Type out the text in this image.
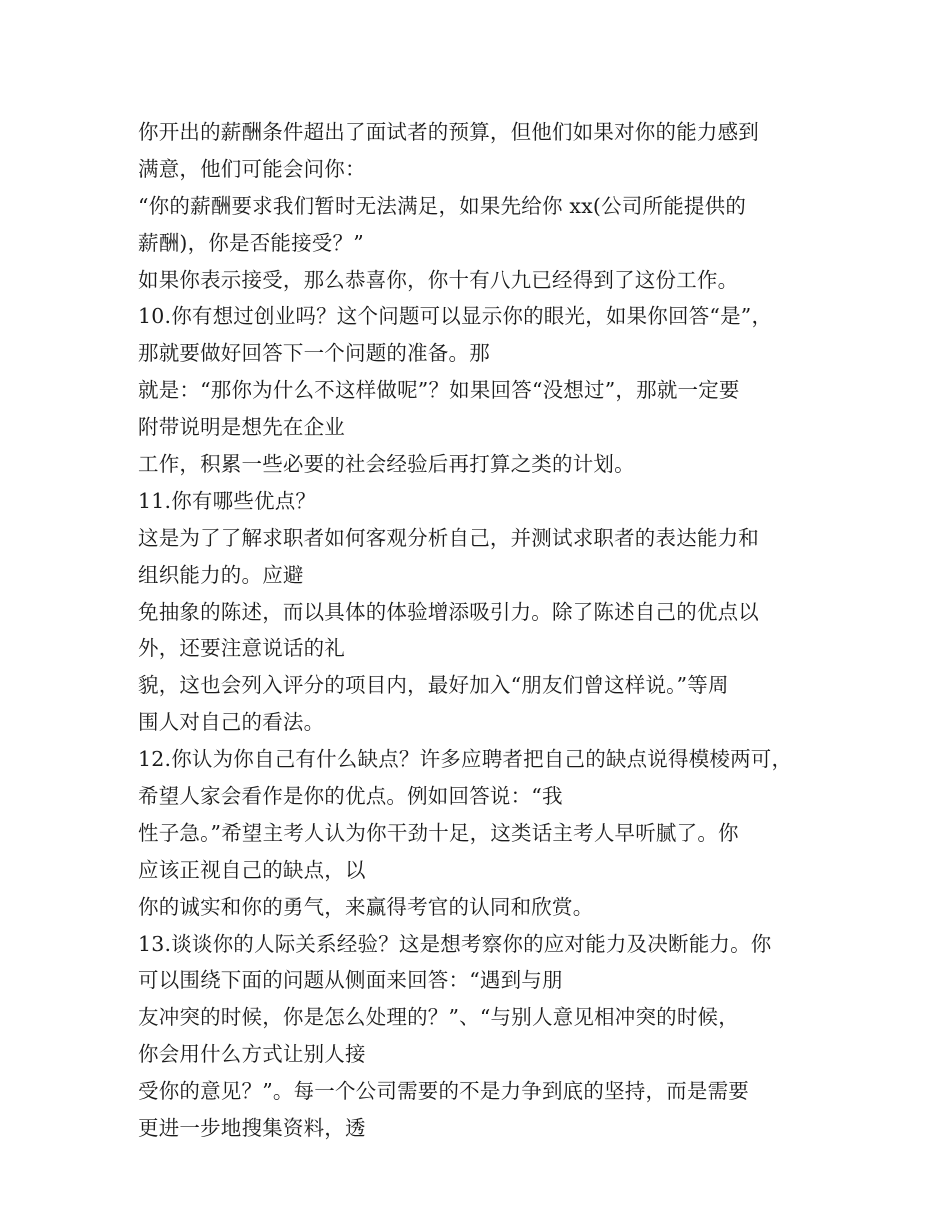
你开出的薪酬条件超出了面试者的预算，但他们如果对你的能力感到

满意，他们可能会问你：

“你的薪酬要求我们暂时无法满足，如果先给你 xx(公司所能提供的

薪酬)，你是否能接受？”

如果你表示接受，那么恭喜你，你十有八九已经得到了这份工作。

10.你有想过创业吗？这个问题可以显示你的眼光，如果你回答“是”，

那就要做好回答下一个问题的准备。那

就是：“那你为什么不这样做呢”？如果回答“没想过”，那就一定要

附带说明是想先在企业

工作，积累一些必要的社会经验后再打算之类的计划。

11.你有哪些优点？

这是为了了解求职者如何客观分析自己，并测试求职者的表达能力和

组织能力的。应避

免抽象的陈述，而以具体的体验增添吸引力。除了陈述自己的优点以

外，还要注意说话的礼

貌，这也会列入评分的项目内，最好加入“朋友们曾这样说。”等周

围人对自己的看法。

12.你认为你自己有什么缺点？许多应聘者把自己的缺点说得模棱两可，

希望人家会看作是你的优点。例如回答说：“我

性子急。”希望主考人认为你干劲十足，这类话主考人早听腻了。你

应该正视自己的缺点，以

你的诚实和你的勇气，来赢得考官的认同和欣赏。

13.谈谈你的人际关系经验？这是想考察你的应对能力及决断能力。你

可以围绕下面的问题从侧面来回答：“遇到与朋

友冲突的时候，你是怎么处理的？”、“与别人意见相冲突的时候，

你会用什么方式让别人接

受你的意见？”。每一个公司需要的不是力争到底的坚持，而是需要

更进一步地搜集资料，透
